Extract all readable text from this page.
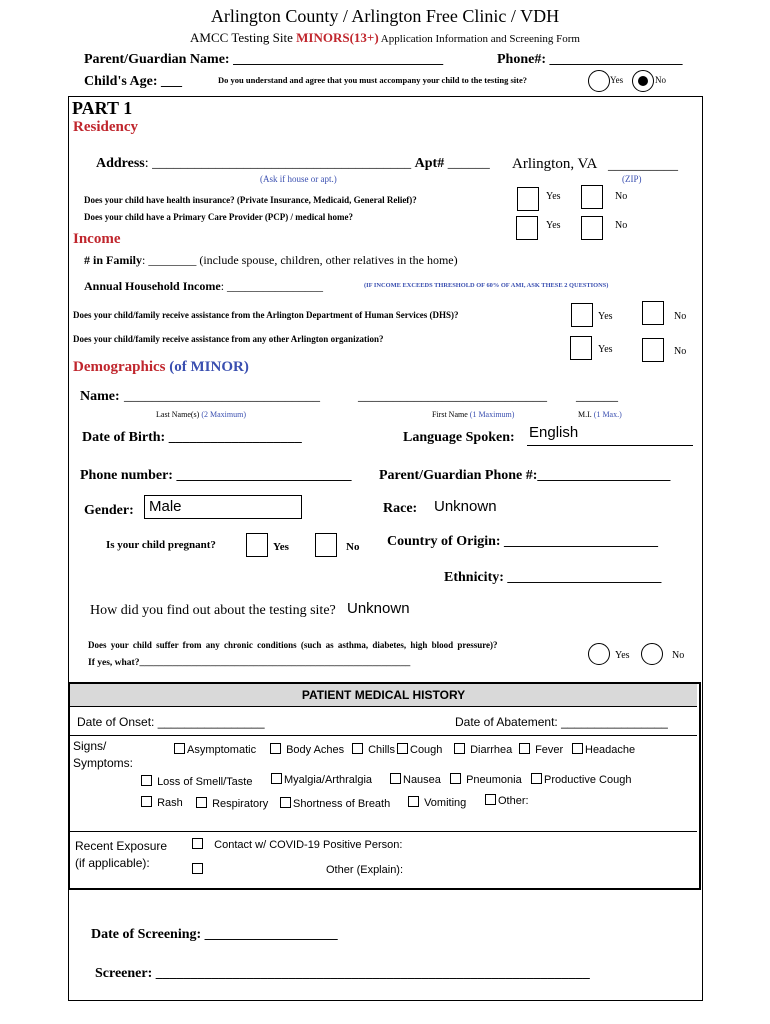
Arlington County / Arlington Free Clinic / VDH
AMCC Testing Site MINORS(13+) Application Information and Screening Form
Parent/Guardian Name: ______________________________	Phone#: ___________________
Child's Age: ___	Do you understand and agree that you must accompany your child to the testing site?	Yes	No
PART 1
Residency
Address: _____________________________________ Apt# ______ Arlington, VA __________
(Ask if house or apt.)	(ZIP)
Does your child have health insurance? (Private Insurance, Medicaid, General Relief)?	Yes	No
Does your child have a Primary Care Provider (PCP) / medical home?
Yes	No
Income
# in Family: ________ (include spouse, children, other relatives in the home)
Annual Household Income: ________________	(IF INCOME EXCEEDS THRESHOLD OF 60% OF AMI, ASK THESE 2 QUESTIONS)
Does your child/family receive assistance from the Arlington Department of Human Services (DHS)?	Yes	No
Does your child/family receive assistance from any other Arlington organization?
Yes	No
Demographics (of MINOR)
Name: ____________________________	___________________________ ______
Last Name(s) (2 Maximum)	First Name (1 Maximum)	M.I. (1 Max.)
Date of Birth: ___________________	Language Spoken: English
Phone number: _________________________ Parent/Guardian Phone #:___________________
Gender:	Male	Race: Unknown
Is your child pregnant?	Yes	No Country of Origin: ______________________
Ethnicity: ______________________
How did you find out about the testing site? Unknown
Does your child suffer from any chronic conditions (such as asthma, diabetes, high blood pressure)?
If yes, what?_________________________________________________________
Yes	No
PATIENT MEDICAL HISTORY
Date of Onset: ________________	Date of Abatement: ________________
Signs/
Symptoms:
Asymptomatic	Body Aches	Chills	Cough	Diarrhea	Fever	Headache
Loss of Smell/Taste	Myalgia/Arthralgia	Nausea	Pneumonia	Productive Cough
Rash	Respiratory	Shortness of Breath	Vomiting	Other:
Recent Exposure
(if applicable):
Contact w/ COVID-19 Positive Person:
Other (Explain):
Date of Screening: ___________________
Screener: ______________________________________________________________
